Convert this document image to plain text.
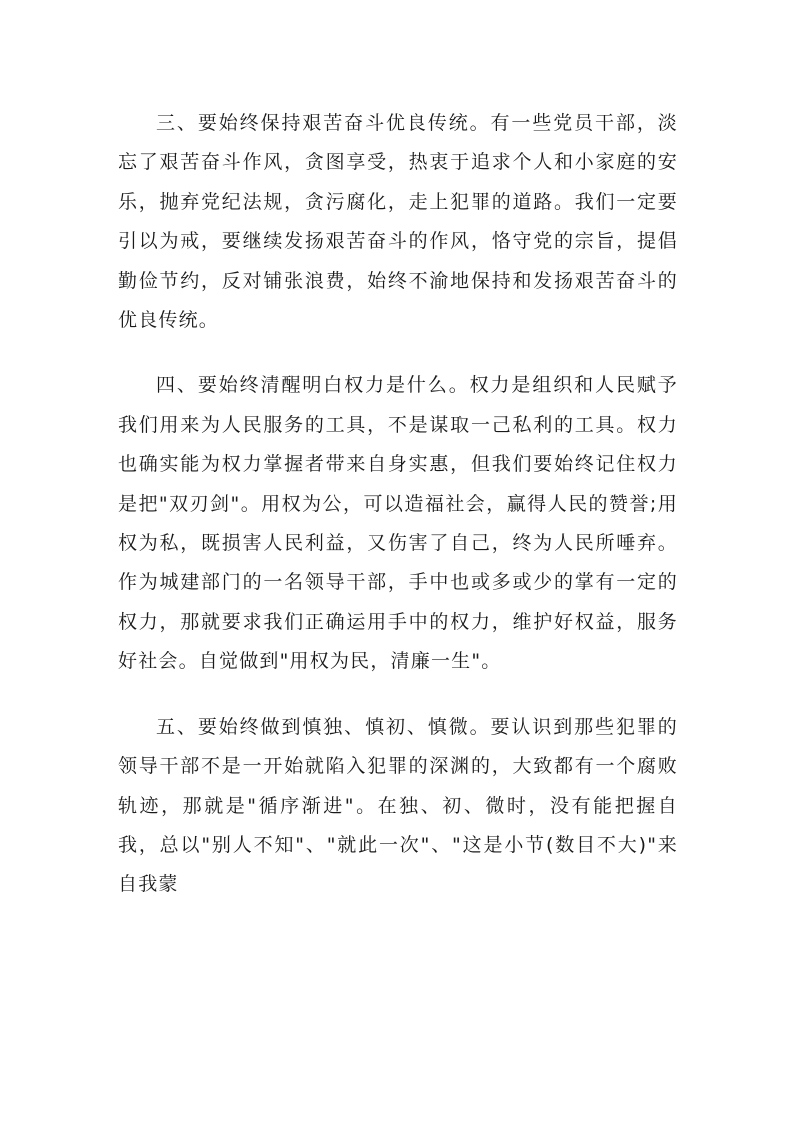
三、要始终保持艰苦奋斗优良传统。有一些党员干部，淡忘了艰苦奋斗作风，贪图享受，热衷于追求个人和小家庭的安乐，抛弃党纪法规，贪污腐化，走上犯罪的道路。我们一定要引以为戒，要继续发扬艰苦奋斗的作风，恪守党的宗旨，提倡勤俭节约，反对铺张浪费，始终不渝地保持和发扬艰苦奋斗的优良传统。

四、要始终清醒明白权力是什么。权力是组织和人民赋予我们用来为人民服务的工具，不是谋取一己私利的工具。权力也确实能为权力掌握者带来自身实惠，但我们要始终记住权力是把"双刃剑"。用权为公，可以造福社会，赢得人民的赞誉;用权为私，既损害人民利益，又伤害了自己，终为人民所唾弃。作为城建部门的一名领导干部，手中也或多或少的掌有一定的权力，那就要求我们正确运用手中的权力，维护好权益，服务好社会。自觉做到"用权为民，清廉一生"。

五、要始终做到慎独、慎初、慎微。要认识到那些犯罪的领导干部不是一开始就陷入犯罪的深渊的，大致都有一个腐败轨迹，那就是"循序渐进"。在独、初、微时，没有能把握自我，总以"别人不知"、"就此一次"、"这是小节(数目不大)"来自我蒙
